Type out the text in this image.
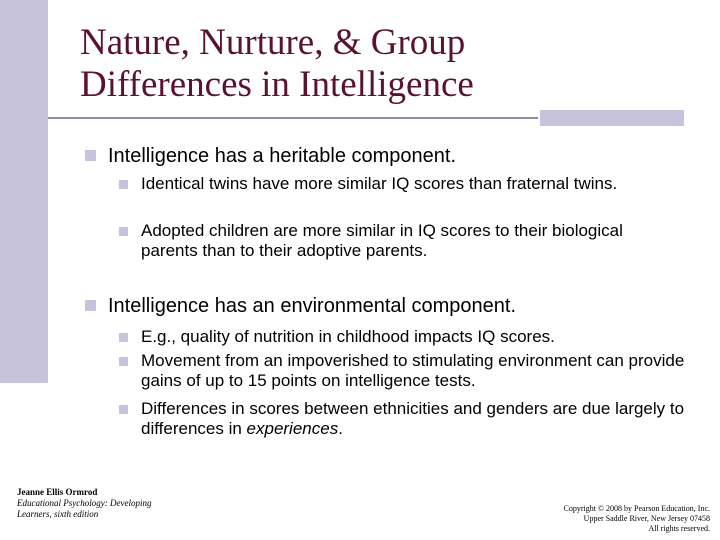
Nature, Nurture, & Group
Differences in Intelligence
Intelligence has a heritable component.
Identical twins have more similar IQ scores than fraternal twins.
Adopted children are more similar in IQ scores to their biological parents than to their adoptive parents.
Intelligence has an environmental component.
E.g., quality of nutrition in childhood impacts IQ scores.
Movement from an impoverished to stimulating environment can provide gains of up to 15 points on intelligence tests.
Differences in scores between ethnicities and genders are due largely to differences in experiences.
Jeanne Ellis Ormrod
Educational Psychology: Developing
Learners, sixth edition
Copyright © 2008 by Pearson Education, Inc.
Upper Saddle River, New Jersey 07458
All rights reserved.
